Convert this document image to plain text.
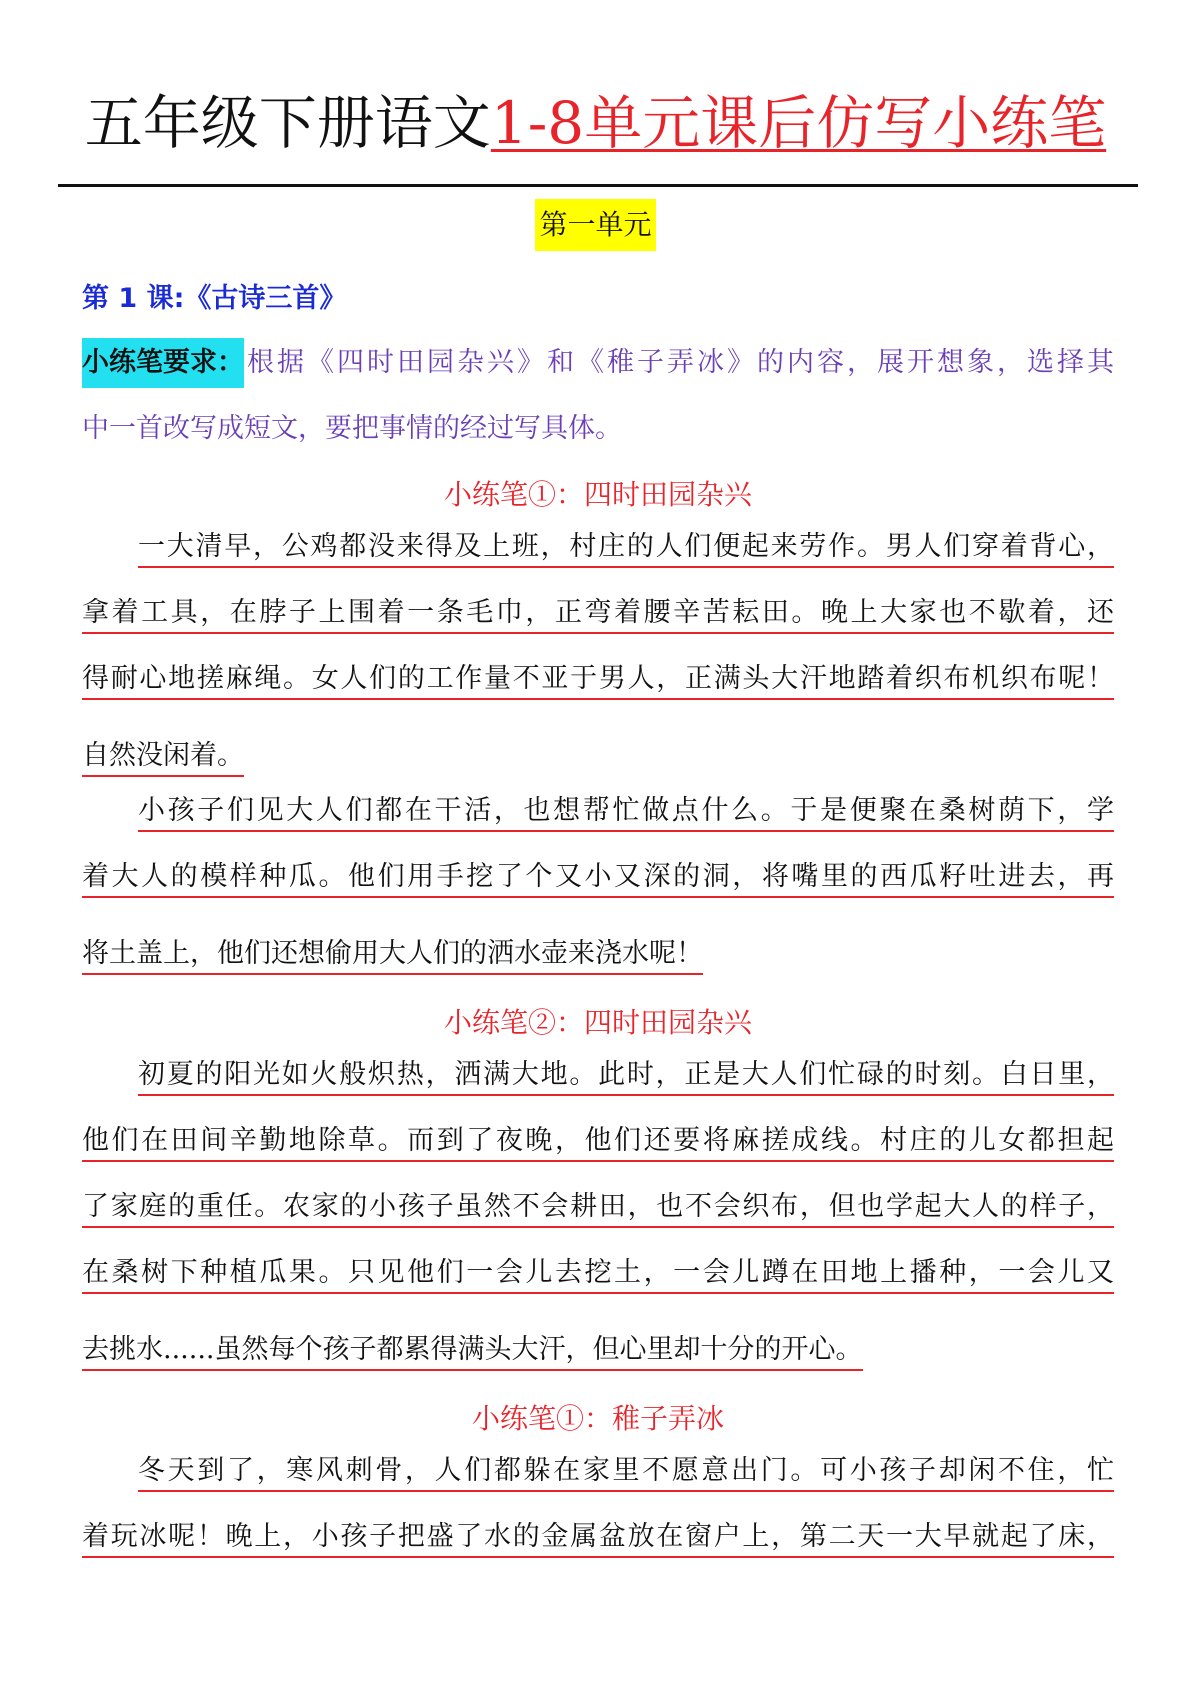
五年级下册语文1-8单元课后仿写小练笔
第一单元
第 1 课:《古诗三首》
小练笔要求：根据《四时田园杂兴》和《稚子弄冰》的内容，展开想象，选择其
中一首改写成短文，要把事情的经过写具体。
小练笔①：四时田园杂兴
一大清早，公鸡都没来得及上班，村庄的人们便起来劳作。男人们穿着背心，
拿着工具，在脖子上围着一条毛巾，正弯着腰辛苦耘田。晚上大家也不歇着，还
得耐心地搓麻绳。女人们的工作量不亚于男人，正满头大汗地踏着织布机织布呢！
自然没闲着。
小孩子们见大人们都在干活，也想帮忙做点什么。于是便聚在桑树荫下，学
着大人的模样种瓜。他们用手挖了个又小又深的洞，将嘴里的西瓜籽吐进去，再
将土盖上，他们还想偷用大人们的洒水壶来浇水呢！
小练笔②：四时田园杂兴
初夏的阳光如火般炽热，洒满大地。此时，正是大人们忙碌的时刻。白日里，
他们在田间辛勤地除草。而到了夜晚，他们还要将麻搓成线。村庄的儿女都担起
了家庭的重任。农家的小孩子虽然不会耕田，也不会织布，但也学起大人的样子，
在桑树下种植瓜果。只见他们一会儿去挖土，一会儿蹲在田地上播种，一会儿又
去挑水......虽然每个孩子都累得满头大汗，但心里却十分的开心。
小练笔①：稚子弄冰
冬天到了，寒风刺骨，人们都躲在家里不愿意出门。可小孩子却闲不住，忙
着玩冰呢！晚上，小孩子把盛了水的金属盆放在窗户上，第二天一大早就起了床，
